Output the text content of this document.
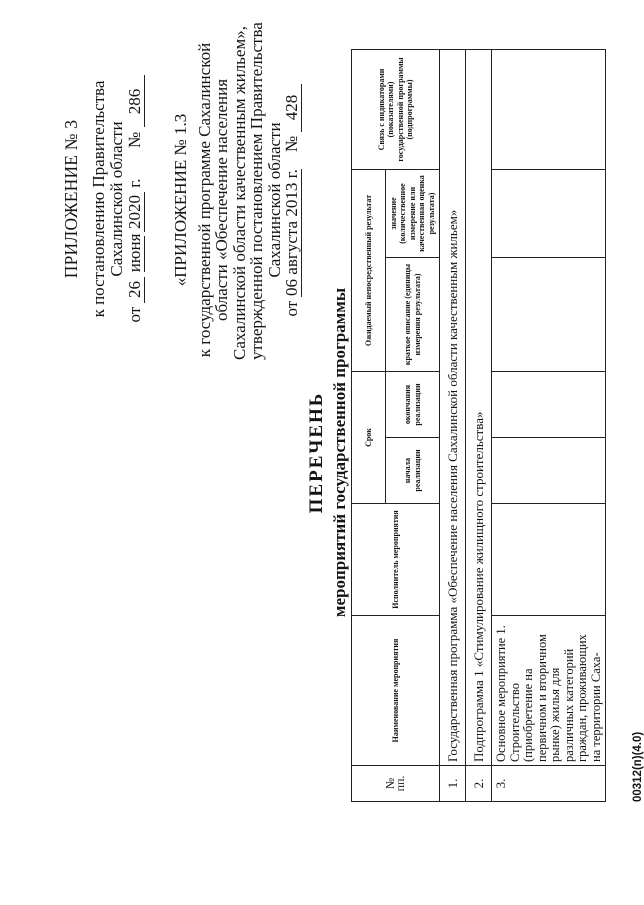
ПРИЛОЖЕНИЕ № 3 к постановлению Правительства Сахалинской области
от 26 июня 2020 г.  № 286
«ПРИЛОЖЕНИЕ № 1.3 к государственной программе Сахалинской
области «Обеспечение населения
Сахалинской области качественным жильем»,
утвержденной постановлением Правительства
Сахалинской области
от 06 августа 2013 г.  № 428
ПЕРЕЧЕНЬ мероприятий государственной программы
№ пп.	Наименование мероприятия	Исполнитель мероприятия	Срок		Ожидаемый непосредственный результат		Связь с индикаторами (показателями) государственной программы (подпрограммы)
			начала реализации	окончания реализации	краткое описание (единицы измерения результата)	значение (количественное измерение или качественная оценка результата)	
1.	Государственная программа «Обеспечение населения Сахалинской области качественным жильем»						
2.	Подпрограмма 1 «Стимулирование жилищного строительства»						
3.	Основное мероприятие 1. Строительство (приобретение на первичном и вторичном рынке) жилья для различных категорий граждан, проживающих на территории Саха-						
00312(п)(4.0)
